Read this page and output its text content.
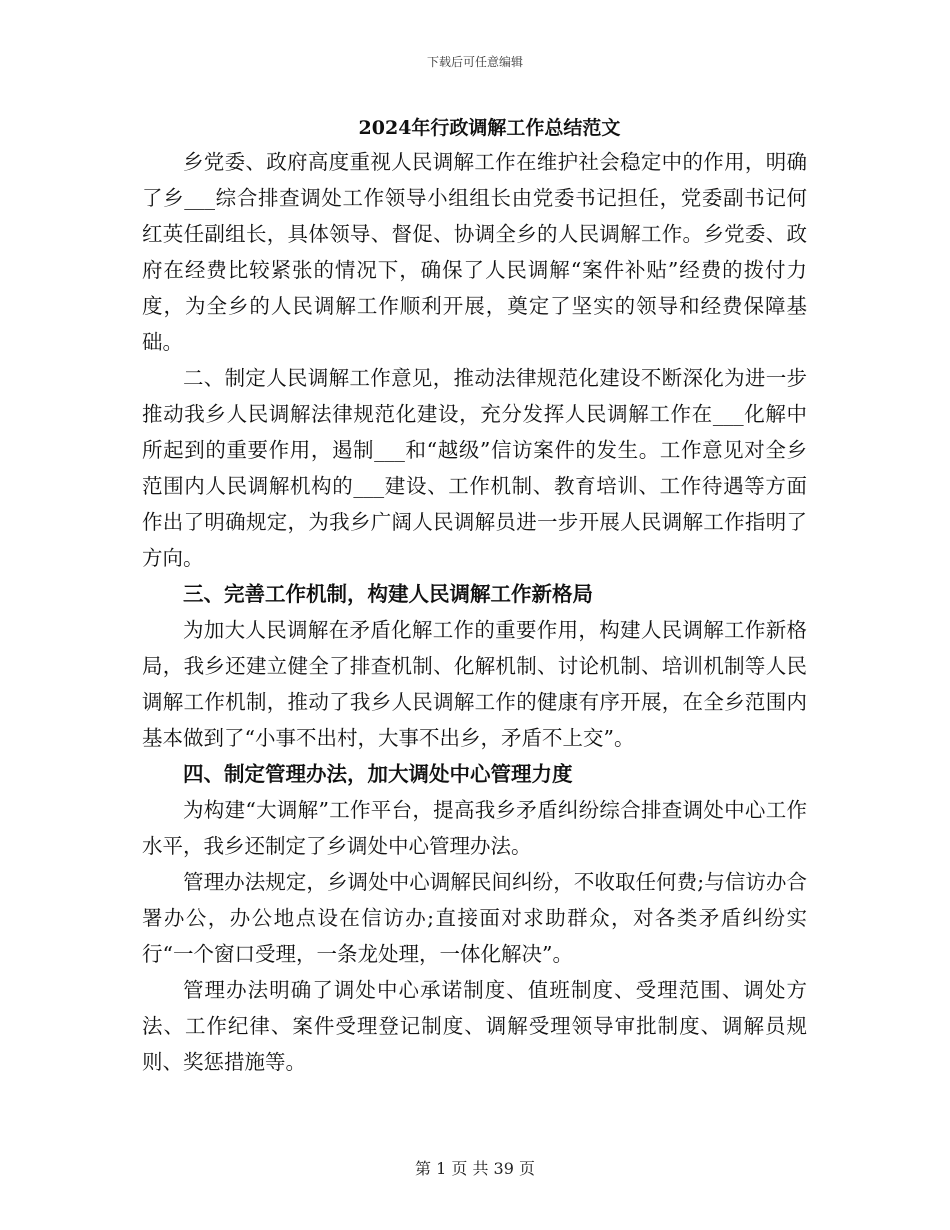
下载后可任意编辑
2024年行政调解工作总结范文

乡党委、政府高度重视人民调解工作在维护社会稳定中的作用，明确了乡___综合排查调处工作领导小组组长由党委书记担任，党委副书记何红英任副组长，具体领导、督促、协调全乡的人民调解工作。乡党委、政府在经费比较紧张的情况下，确保了人民调解“案件补贴”经费的拨付力度，为全乡的人民调解工作顺利开展，奠定了坚实的领导和经费保障基础。

二、制定人民调解工作意见，推动法律规范化建设不断深化为进一步推动我乡人民调解法律规范化建设，充分发挥人民调解工作在___化解中所起到的重要作用，遏制___和“越级”信访案件的发生。工作意见对全乡范围内人民调解机构的___建设、工作机制、教育培训、工作待遇等方面作出了明确规定，为我乡广阔人民调解员进一步开展人民调解工作指明了方向。

三、完善工作机制，构建人民调解工作新格局

为加大人民调解在矛盾化解工作的重要作用，构建人民调解工作新格局，我乡还建立健全了排查机制、化解机制、讨论机制、培训机制等人民调解工作机制，推动了我乡人民调解工作的健康有序开展，在全乡范围内基本做到了“小事不出村，大事不出乡，矛盾不上交”。

四、制定管理办法，加大调处中心管理力度

为构建“大调解”工作平台，提高我乡矛盾纠纷综合排查调处中心工作水平，我乡还制定了乡调处中心管理办法。

管理办法规定，乡调处中心调解民间纠纷，不收取任何费;与信访办合署办公，办公地点设在信访办;直接面对求助群众，对各类矛盾纠纷实行“一个窗口受理，一条龙处理，一体化解决”。

管理办法明确了调处中心承诺制度、值班制度、受理范围、调处方法、工作纪律、案件受理登记制度、调解受理领导审批制度、调解员规则、奖惩措施等。

第 1 页 共 39 页
